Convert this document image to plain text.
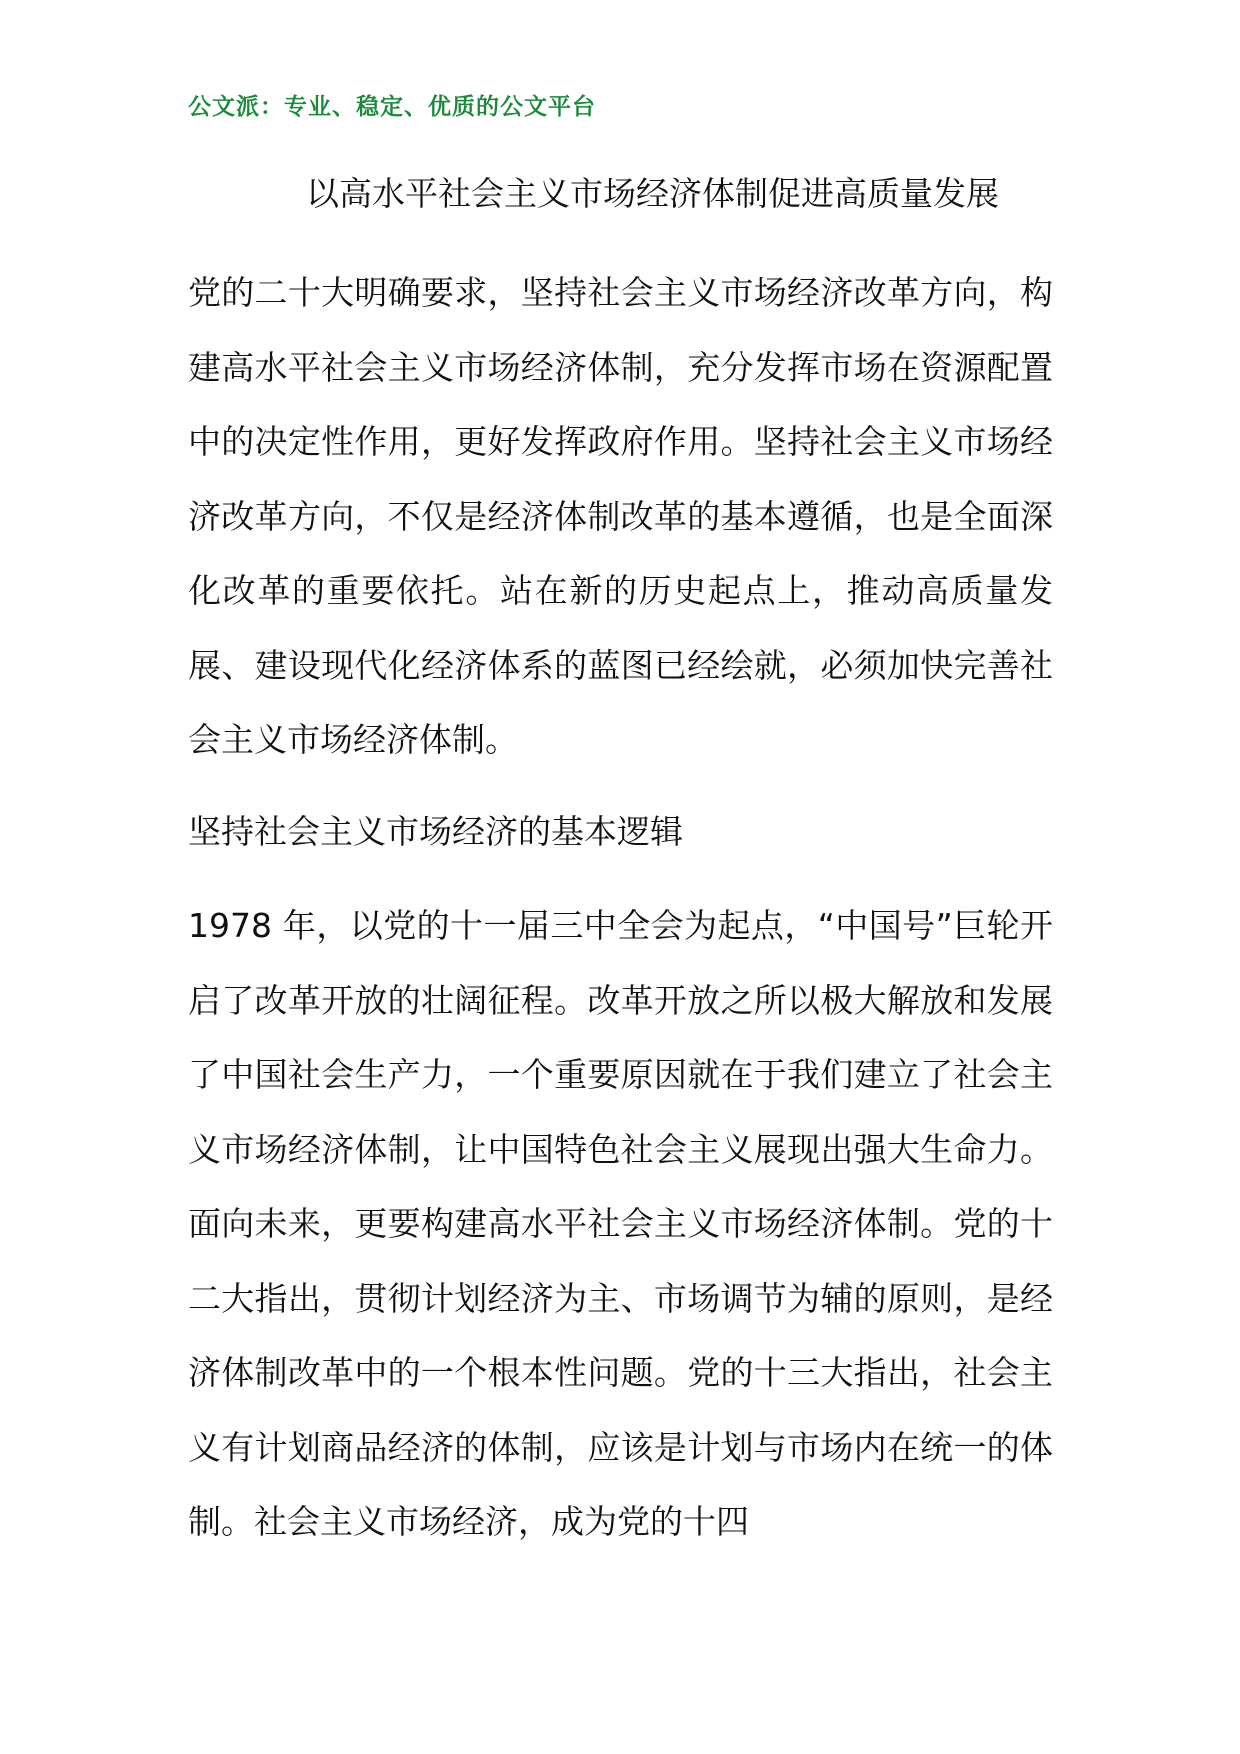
公文派：专业、稳定、优质的公文平台
以高水平社会主义市场经济体制促进高质量发展
党的二十大明确要求，坚持社会主义市场经济改革方向，构建高水平社会主义市场经济体制，充分发挥市场在资源配置中的决定性作用，更好发挥政府作用。坚持社会主义市场经济改革方向，不仅是经济体制改革的基本遵循，也是全面深化改革的重要依托。站在新的历史起点上，推动高质量发展、建设现代化经济体系的蓝图已经绘就，必须加快完善社会主义市场经济体制。
坚持社会主义市场经济的基本逻辑
1978 年，以党的十一届三中全会为起点，“中国号”巨轮开启了改革开放的壮阔征程。改革开放之所以极大解放和发展了中国社会生产力，一个重要原因就在于我们建立了社会主义市场经济体制，让中国特色社会主义展现出强大生命力。面向未来，更要构建高水平社会主义市场经济体制。党的十二大指出，贯彻计划经济为主、市场调节为辅的原则，是经济体制改革中的一个根本性问题。党的十三大指出，社会主义有计划商品经济的体制，应该是计划与市场内在统一的体制。社会主义市场经济，成为党的十四
